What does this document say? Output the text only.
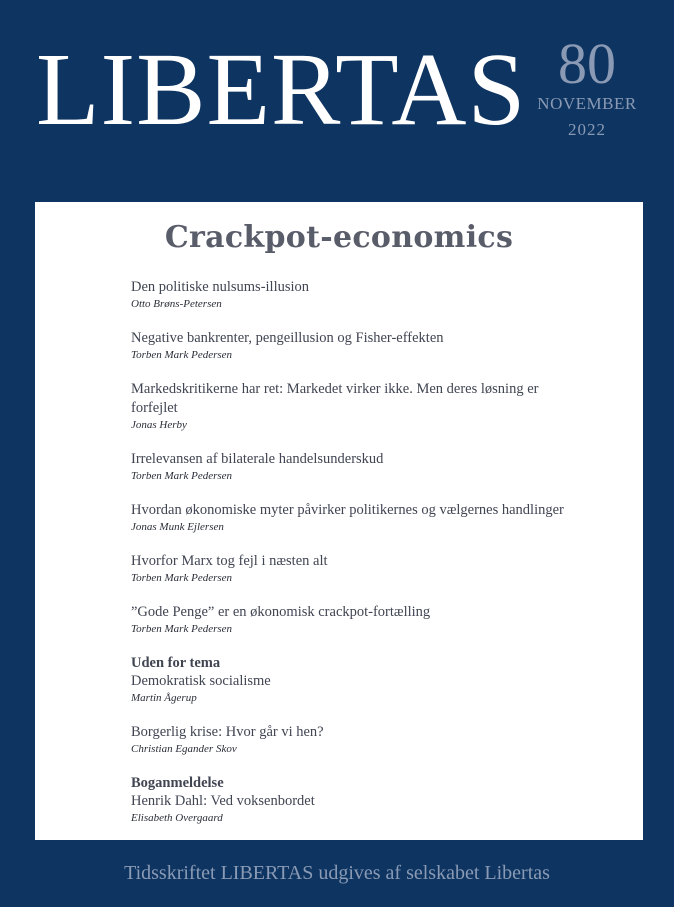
LIBERTAS 80
NOVEMBER
2022
Crackpot-economics
Den politiske nulsums-illusion
Otto Brøns-Petersen
Negative bankrenter, pengeillusion og Fisher-effekten
Torben Mark Pedersen
Markedskritikerne har ret: Markedet virker ikke. Men deres løsning er forfejlet
Jonas Herby
Irrelevansen af bilaterale handelsunderskud
Torben Mark Pedersen
Hvordan økonomiske myter påvirker politikernes og vælgernes handlinger
Jonas Munk Ejlersen
Hvorfor Marx tog fejl i næsten alt
Torben Mark Pedersen
”Gode Penge” er en økonomisk crackpot-fortælling
Torben Mark Pedersen
Uden for tema
Demokratisk socialisme
Martin Ågerup
Borgerlig krise: Hvor går vi hen?
Christian Egander Skov
Boganmeldelse
Henrik Dahl: Ved voksenbordet
Elisabeth Overgaard
Tidsskriftet LIBERTAS udgives af selskabet Libertas
